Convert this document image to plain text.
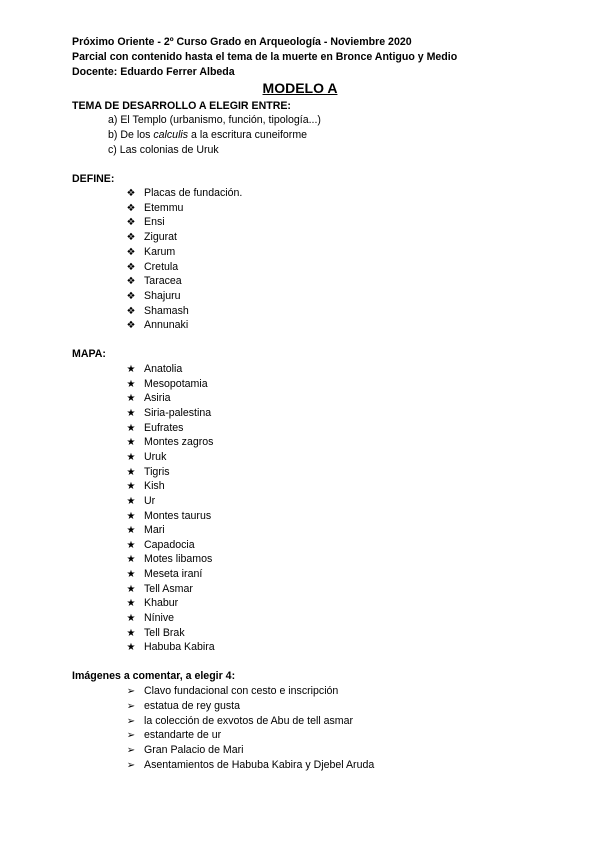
Próximo Oriente - 2º Curso Grado en Arqueología - Noviembre 2020
Parcial con contenido hasta el tema de la muerte en Bronce Antiguo y Medio
Docente: Eduardo Ferrer Albeda
MODELO A
TEMA DE DESARROLLO A ELEGIR ENTRE:
a) El Templo (urbanismo, función, tipología...)
b) De los calculis a la escritura cuneiforme
c) Las colonias de Uruk
DEFINE:
❖ Placas de fundación.
❖ Etemmu
❖ Ensi
❖ Zigurat
❖ Karum
❖ Cretula
❖ Taracea
❖ Shajuru
❖ Shamash
❖ Annunaki
MAPA:
★ Anatolia
★ Mesopotamia
★ Asiria
★ Siria-palestina
★ Eufrates
★ Montes zagros
★ Uruk
★ Tigris
★ Kish
★ Ur
★ Montes taurus
★ Mari
★ Capadocia
★ Motes libamos
★ Meseta iraní
★ Tell Asmar
★ Khabur
★ Nínive
★ Tell Brak
★ Habuba Kabira
Imágenes a comentar, a elegir 4:
➢ Clavo fundacional con cesto e inscripción
➢ estatua de rey gusta
➢ la colección de exvotos de Abu de tell asmar
➢ estandarte de ur
➢ Gran Palacio de Mari
➢ Asentamientos de Habuba Kabira y Djebel Aruda
